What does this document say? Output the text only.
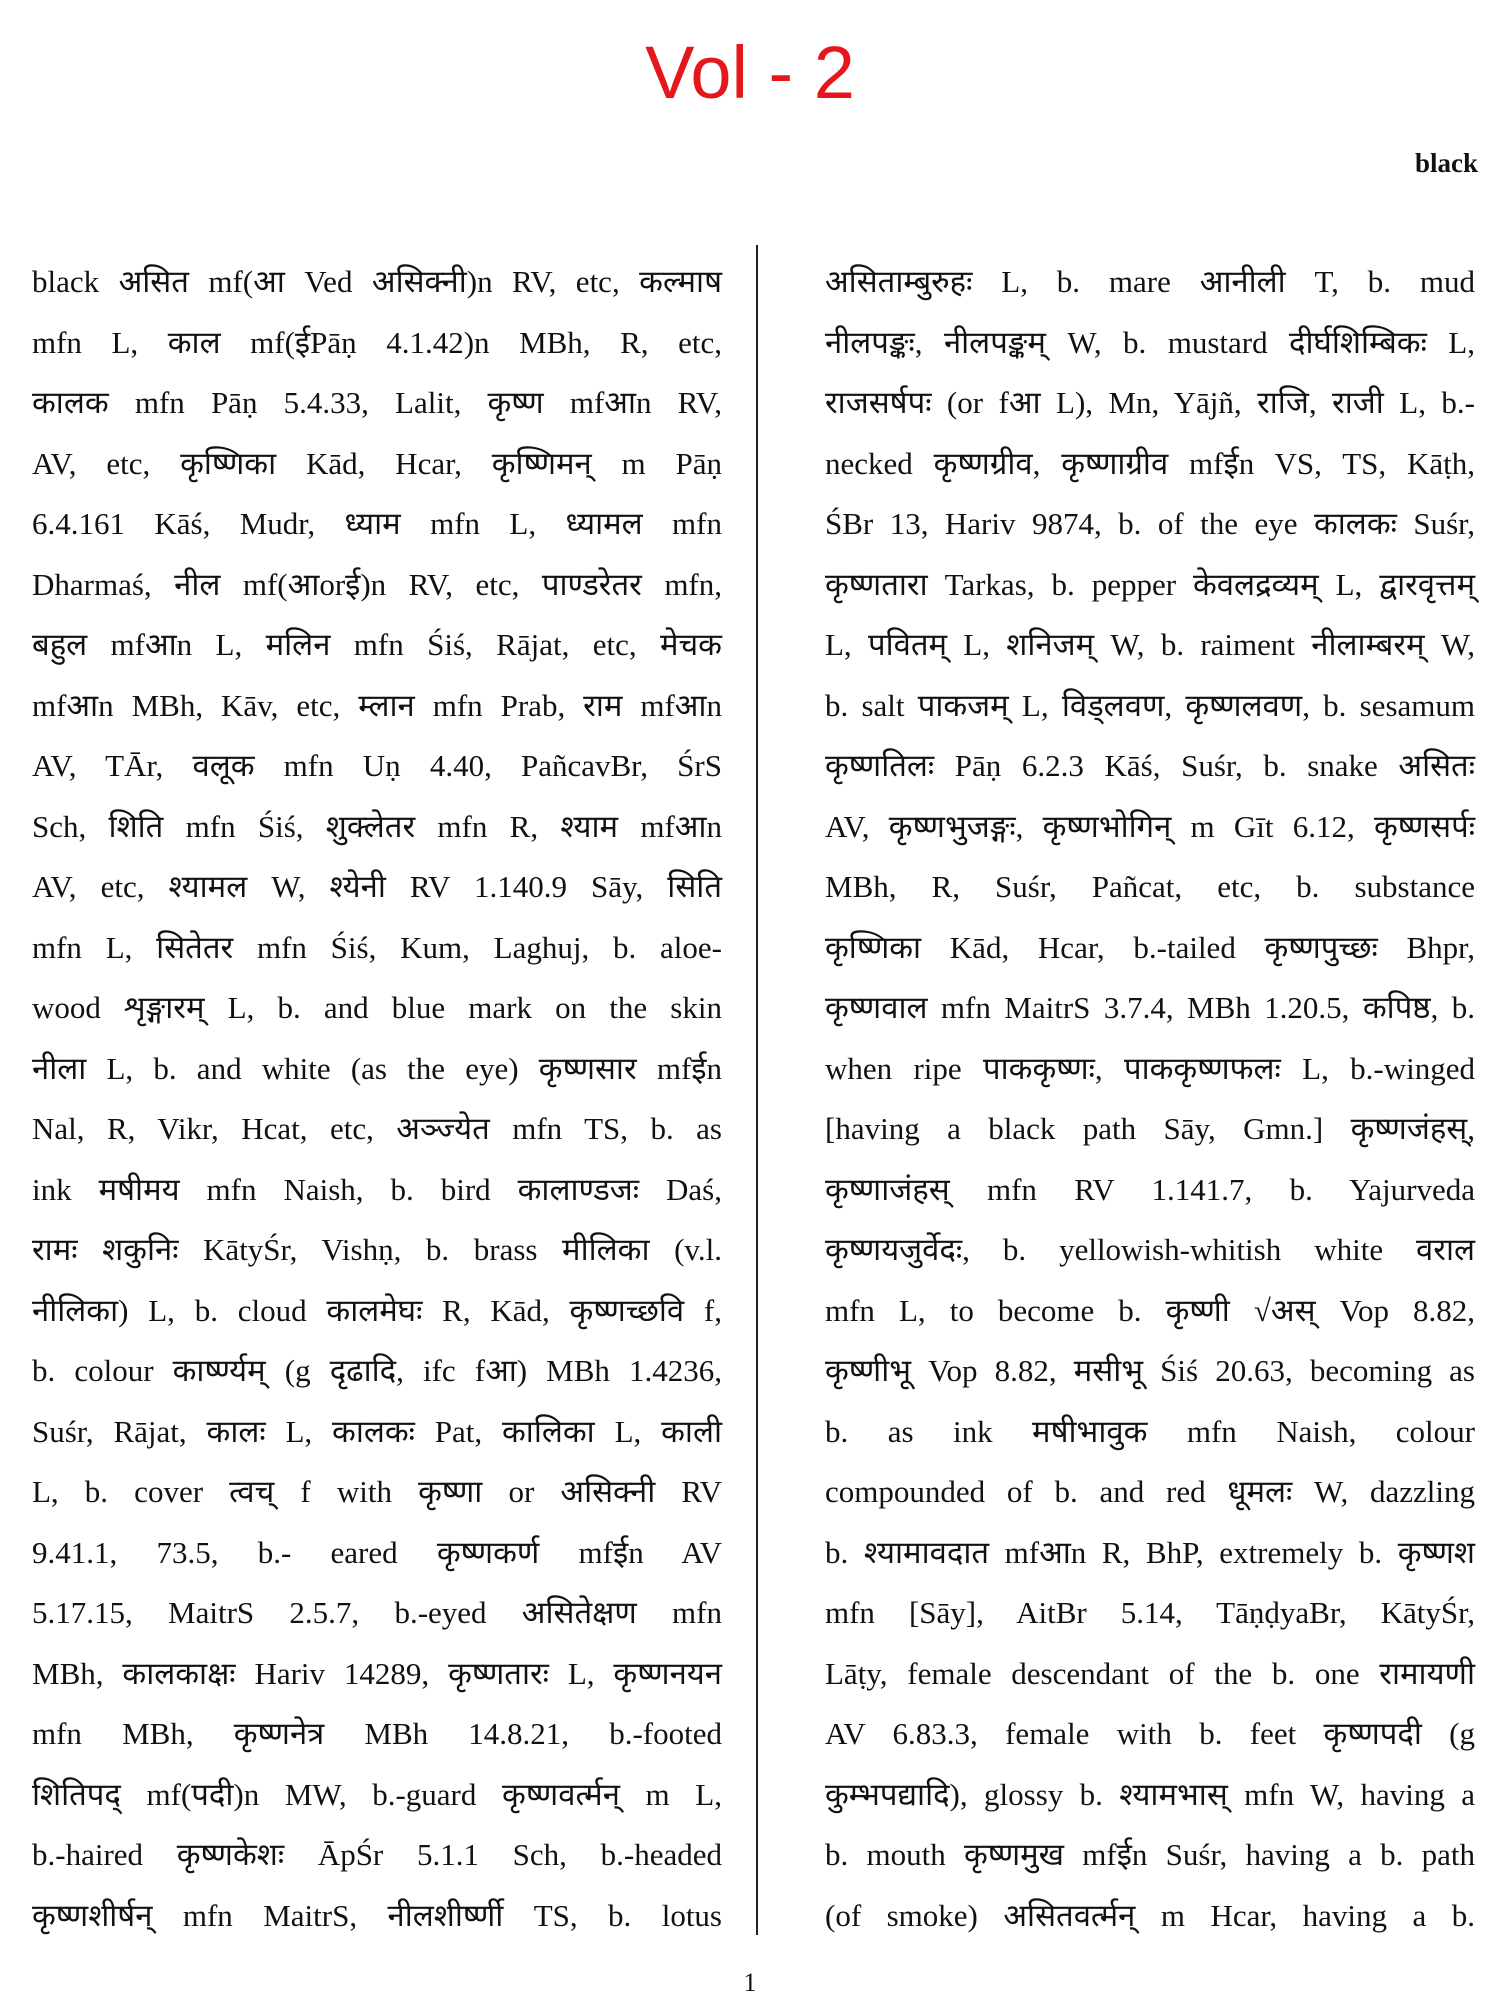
Vol - 2
black
black असित mf(आ Ved असिक्नी)n RV, etc, कल्माष
mfn L, काल mf(ईPāṇ 4.1.42)n MBh, R, etc,
कालक mfn Pāṇ 5.4.33, Lalit, कृष्ण mfआn RV,
AV, etc, कृष्णिका Kād, Hcar, कृष्णिमन् m Pāṇ
6.4.161 Kāś, Mudr, ध्याम mfn L, ध्यामल mfn
Dharmaś, नील mf(आorई)n RV, etc, पाण्डरेतर mfn,
बहुल mfआn L, मलिन mfn Śiś, Rājat, etc, मेचक
mfआn MBh, Kāv, etc, म्लान mfn Prab, राम mfआn
AV, TĀr, वलूक mfn Uṇ 4.40, PañcavBr, ŚrS
Sch, शिति mfn Śiś, शुक्लेतर mfn R, श्याम mfआn
AV, etc, श्यामल W, श्येनी RV 1.140.9 Sāy, सिति
mfn L, सितेतर mfn Śiś, Kum, Laghuj, b. aloe-
wood शृङ्गारम् L, b. and blue mark on the skin
नीला L, b. and white (as the eye) कृष्णसार mfईn
Nal, R, Vikr, Hcat, etc, अञ्ज्येत mfn TS, b. as
ink मषीमय mfn Naish, b. bird कालाण्डजः Daś,
रामः शकुनिः KātyŚr, Vishṇ, b. brass मीलिका (v.l.
नीलिका) L, b. cloud कालमेघः R, Kād, कृष्णच्छवि f,
b. colour कार्ष्ण्यम् (g दृढादि, ifc fआ) MBh 1.4236,
Suśr, Rājat, कालः L, कालकः Pat, कालिका L, काली
L, b. cover त्वच् f with कृष्णा or असिक्नी RV
9.41.1, 73.5, b.- eared कृष्णकर्ण mfईn AV
5.17.15, MaitrS 2.5.7, b.-eyed असितेक्षण mfn
MBh, कालकाक्षः Hariv 14289, कृष्णतारः L, कृष्णनयन
mfn MBh, कृष्णनेत्र MBh 14.8.21, b.-footed
शितिपद् mf(पदी)n MW, b.-guard कृष्णवर्त्मन् m L,
b.-haired कृष्णकेशः ĀpŚr 5.1.1 Sch, b.-headed
कृष्णशीर्षन् mfn MaitrS, नीलशीर्ष्णी TS, b. lotus
असिताम्बुरुहः L, b. mare आनीली T, b. mud
नीलपङ्कः, नीलपङ्कम् W, b. mustard दीर्घशिम्बिकः L,
राजसर्षपः (or fआ L), Mn, Yājñ, राजि, राजी L, b.-
necked कृष्णग्रीव, कृष्णाग्रीव mfईn VS, TS, Kāṭh,
ŚBr 13, Hariv 9874, b. of the eye कालकः Suśr,
कृष्णतारा Tarkas, b. pepper केवलद्रव्यम् L, द्वारवृत्तम्
L, पवितम् L, शनिजम् W, b. raiment नीलाम्बरम् W,
b. salt पाकजम् L, विड्लवण, कृष्णलवण, b. sesamum
कृष्णतिलः Pāṇ 6.2.3 Kāś, Suśr, b. snake असितः
AV, कृष्णभुजङ्गः, कृष्णभोगिन् m Gīt 6.12, कृष्णसर्पः
MBh, R, Suśr, Pañcat, etc, b. substance
कृष्णिका Kād, Hcar, b.-tailed कृष्णपुच्छः Bhpr,
कृष्णवाल mfn MaitrS 3.7.4, MBh 1.20.5, कपिष्ठ, b.
when ripe पाककृष्णः, पाककृष्णफलः L, b.-winged
[having a black path Sāy, Gmn.] कृष्णजंहस्,
कृष्णाजंहस् mfn RV 1.141.7, b. Yajurveda
कृष्णयजुर्वेदः, b. yellowish-whitish white वराल
mfn L, to become b. कृष्णी √अस् Vop 8.82,
कृष्णीभू Vop 8.82, मसीभू Śiś 20.63, becoming as
b. as ink मषीभावुक mfn Naish, colour
compounded of b. and red धूमलः W, dazzling
b. श्यामावदात mfआn R, BhP, extremely b. कृष्णश
mfn [Sāy], AitBr 5.14, TāṇḍyaBr, KātyŚr,
Lāṭy, female descendant of the b. one रामायणी
AV 6.83.3, female with b. feet कृष्णपदी (g
कुम्भपद्यादि), glossy b. श्यामभास् mfn W, having a
b. mouth कृष्णमुख mfईn Suśr, having a b. path
(of smoke) असितवर्त्मन् m Hcar, having a b.
1
